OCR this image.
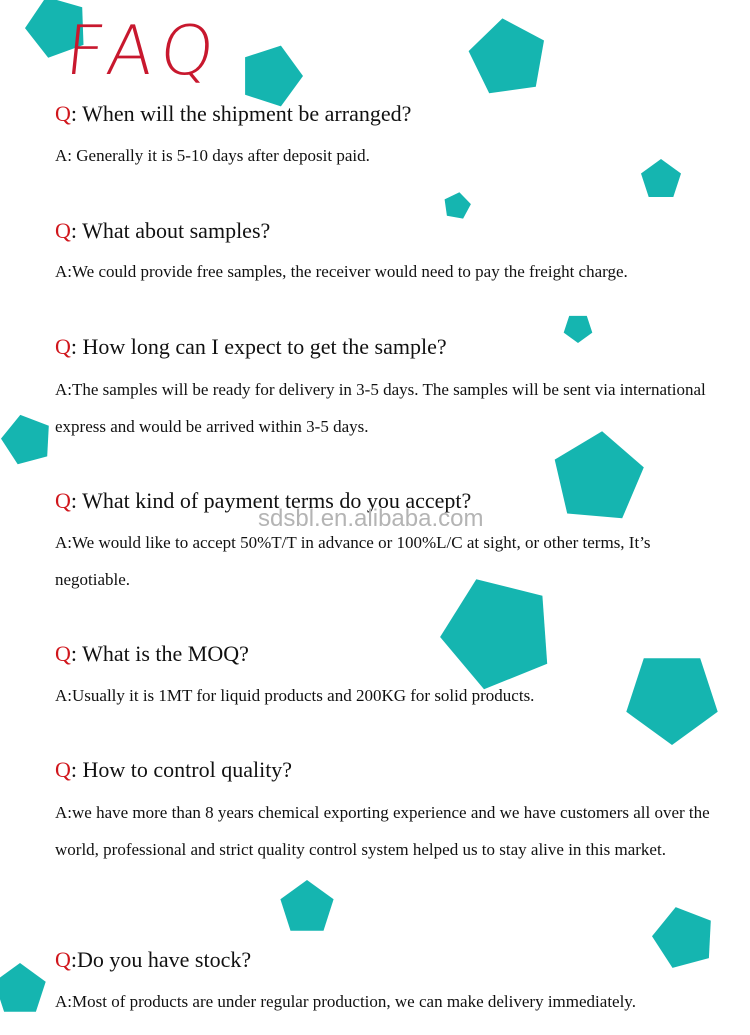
FAQ
sdsbl.en.alibaba.com
Q: When will the shipment be arranged?
A: Generally it is 5-10 days after deposit paid.
Q: What about samples?
A:We could provide free samples, the receiver would need to pay the freight charge.
Q: How long can I expect to get the sample?
A:The samples will be ready for delivery in 3-5 days. The samples will be sent via international express and would be arrived within 3-5 days.
Q: What kind of payment terms do you accept?
A:We would like to accept 50%T/T in advance or 100%L/C at sight, or other terms, It’s negotiable.
Q: What is the MOQ?
A:Usually it is 1MT for liquid products and 200KG for solid products.
Q: How to control quality?
A:we have more than 8 years chemical exporting experience and we have customers all over the world, professional and strict quality control system helped us to stay alive in this market.
Q:Do you have stock?
A:Most of products are under regular production, we can make delivery immediately.
